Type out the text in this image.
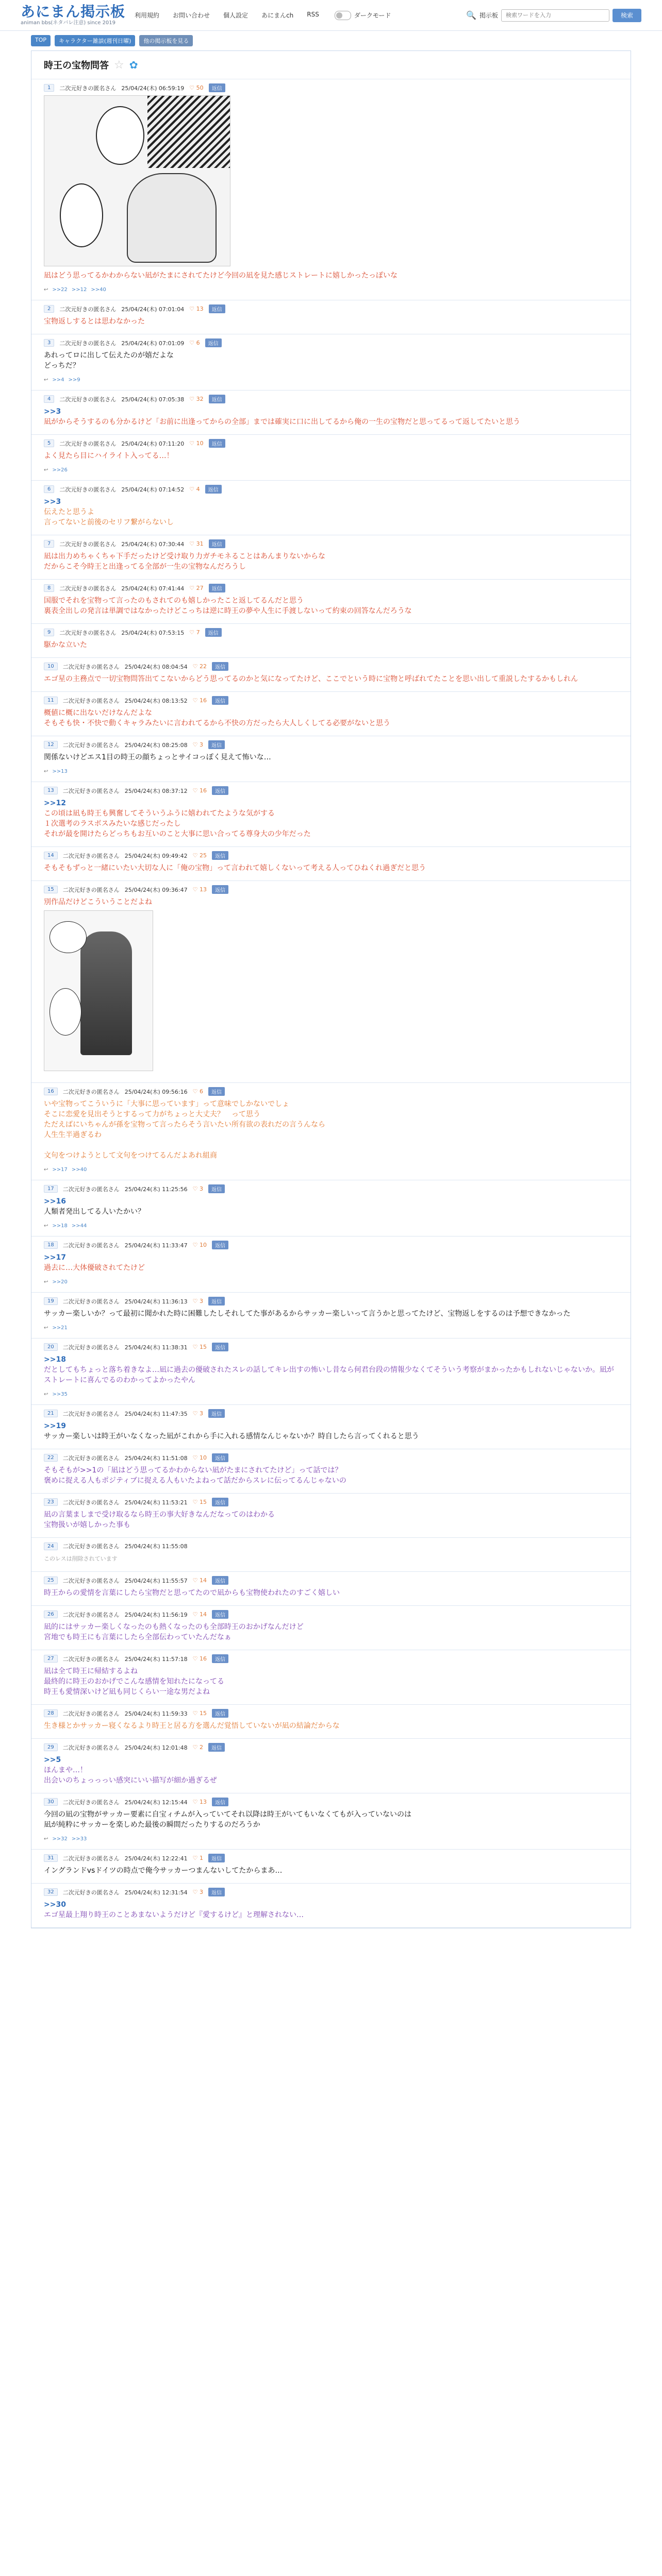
あにまん掲示板
animan bbs(ネタバレ注意) since 2019
利用規約 お問い合わせ 個人設定 あにまんch RSS	ダークモード	🔍 掲示板
検索ワードを入力	検索
TOP	キャラクター雑談(週刊日曜)	他の掲示板を見る
時王の宝物問答 ☆ ✿
1	二次元好きの匿名さん 25/04/24(木) 06:59:19 ♡ 50	返信
凪はどう思ってるかわからない凪がたまにされてたけど今回の凪を見た感じストレートに嬉しかったっぽいな
↩ >>22 >>12 >>40
2	二次元好きの匿名さん 25/04/24(木) 07:01:04 ♡ 13	返信
宝物返しするとは思わなかった
3	二次元好きの匿名さん 25/04/24(木) 07:01:09 ♡ 6	返信
あれってロに出して伝えたのが嬉だよな
どっちだ？
↩ >>4 >>9
4	二次元好きの匿名さん 25/04/24(木) 07:05:38 ♡ 32	返信
>>3
凪がからそうするのも分かるけど「お前に出逢ってからの全部」までは確実に口に出してるから俺の一生の宝物だと思ってるって返してたいと思う
5	二次元好きの匿名さん 25/04/24(木) 07:11:20 ♡ 10	返信
よく見たら目にハイライト入ってる…！
↩ >>26
6	二次元好きの匿名さん 25/04/24(木) 07:14:52 ♡ 4	返信
>>3
伝えたと思うよ
言ってないと前後のセリフ繋がらないし
7	二次元好きの匿名さん 25/04/24(木) 07:30:44 ♡ 31	返信
凪は出力めちゃくちゃ下手だったけど受け取り力ガチモネることはあんまりないからな
だからこそ今時王と出逢ってる全部が一生の宝物なんだろうし
8	二次元好きの匿名さん 25/04/24(木) 07:41:44 ♡ 27	返信
国服でそれを宝物って言ったのもされてのも嬉しかったこと返してるんだと思う
裏表全出しの発言は単調ではなかったけどこっちは逆に時王の夢や人生に手渡しないって約束の回答なんだろうな
9	二次元好きの匿名さん 25/04/24(木) 07:53:15 ♡ 7	返信
駆かな立いた
10	二次元好きの匿名さん 25/04/24(木) 08:04:54 ♡ 22	返信
エゴ星の主務点で一切宝物問答出てこないからどう思ってるのかと気になってたけど、ここでという時に宝物と呼ばれてたことを思い出して重説したするかもしれん
11	二次元好きの匿名さん 25/04/24(木) 08:13:52 ♡ 16	返信
概値に概に出ないだけなんだよな
そもそも快・不快で動くキャラみたいに言われてるから不快の方だったら大人しくしてる必要がないと思う
12	二次元好きの匿名さん 25/04/24(木) 08:25:08 ♡ 3	返信
関係ないけどエス1目の時王の顔ちょっとサイコっぽく見えて怖いな…
↩ >>13
13	二次元好きの匿名さん 25/04/24(木) 08:37:12 ♡ 16	返信
>>12
この頃は凪も時王も興奮してそういうふうに嬉われてたような気がする
１次選考のラスボスみたいな感じだったし
それが最を開けたらどっちもお互いのこと大事に思い合ってる尊身大の少年だった
14	二次元好きの匿名さん 25/04/24(木) 09:49:42 ♡ 25	返信
そもそもずっと一緒にいたい大切な人に「俺の宝物」って言われて嬉しくないって考える人ってひねくれ過ぎだと思う
15	二次元好きの匿名さん 25/04/24(木) 09:36:47 ♡ 13	返信
別作品だけどこういうことだよね
16	二次元好きの匿名さん 25/04/24(木) 09:56:16 ♡ 6	返信
いや宝物ってこういうに「大事に思っています」って意味でしかないでしょ
そこに恋愛を見出そうとするって力がちょっと大丈夫？　って思う
ただえばにいちゃんが孫を宝物って言ったらそう言いたい所有欲の表れだの言うんなら
人生生半過ぎるわ

文句をつけようとして文句をつけてるんだよあれ組商
↩ >>17 >>40
17	二次元好きの匿名さん 25/04/24(木) 11:25:56 ♡ 3	返信
>>16
人類者発出してる人いたかい？
↩ >>18 >>44
18	二次元好きの匿名さん 25/04/24(木) 11:33:47 ♡ 10	返信
>>17
過去に…大体優破されてたけど
↩ >>20
19	二次元好きの匿名さん 25/04/24(木) 11:36:13 ♡ 3	返信
サッカー楽しいか？って最初に聞かれた時に困難したしそれしてた事があるからサッカー楽しいって言うかと思ってたけど、宝物返しをするのは予想できなかった
↩ >>21
20	二次元好きの匿名さん 25/04/24(木) 11:38:31 ♡ 15	返信
>>18
だとしてもちょっと落ち着きなよ…凪に過去の優破されたスレの話してキレ出すの怖いし昔なら何君台段の情報少なくてそういう考察がまかったかもしれないじゃないか。凪がストレートに喜んでるのわかってよかったやん
↩ >>35
21	二次元好きの匿名さん 25/04/24(木) 11:47:35 ♡ 3	返信
>>19
サッカー楽しいは時王がいなくなった凪がこれから手に入れる感情なんじゃないか？時自したら言ってくれると思う
22	二次元好きの匿名さん 25/04/24(木) 11:51:08 ♡ 10	返信
そもそもが>>1の「凪はどう思ってるかわからない凪がたまにされてたけど」って話では？
褒めに捉える人もポジティブに捉える人もいたよねって話だからスレに伝ってるんじゃないの
23	二次元好きの匿名さん 25/04/24(木) 11:53:21 ♡ 15	返信
凪の言葉ましまで受け取るなら時王の事大好きなんだなってのはわかる
宝物扱いが嬉しかった事も
24	二次元好きの匿名さん 25/04/24(木) 11:55:08
このレスは削除されています
25	二次元好きの匿名さん 25/04/24(木) 11:55:57 ♡ 14	返信
時王からの愛情を言葉にしたら宝物だと思ってたので凪からも宝物使われたのすごく嬉しい
26	二次元好きの匿名さん 25/04/24(木) 11:56:19 ♡ 14	返信
凪的にはサッカー楽しくなったのも熱くなったのも全部時王のおかげなんだけど
宮地でも時王にも言葉にしたら全部伝わっていたんだなぁ
27	二次元好きの匿名さん 25/04/24(木) 11:57:18 ♡ 16	返信
凪は全て時王に帰結するよね
最終的に時王のおかげでこんな感情を知れたになってる
時王も愛情深いけど凪も同じくらい一途な男だよね
28	二次元好きの匿名さん 25/04/24(木) 11:59:33 ♡ 15	返信
生き様とかサッカー寝くなるより時王と居る方を選んだ覚悟していないが凪の結論だからな
29	二次元好きの匿名さん 25/04/24(木) 12:01:48 ♡ 2	返信
>>5
ほんまや…！
出会いのちょっっっい感突にいい描写が細か過ぎるぜ
30	二次元好きの匿名さん 25/04/24(木) 12:15:44 ♡ 13	返信
今回の凪の宝物がサッカー要素に自宝ィチムが入っていてそれ以降は時王がいてもいなくてもが入っていないのは
凪が純粋にサッカーを楽しめた最後の瞬間だったりするのだろうか
↩ >>32 >>33
31	二次元好きの匿名さん 25/04/24(木) 12:22:41 ♡ 1	返信
イングランドvsドイツの時点で俺今サッカーつまんないしてたからまあ…
32	二次元好きの匿名さん 25/04/24(木) 12:31:54 ♡ 3	返信
>>30
エゴ星最上翔り時王のことあまないようだけど『愛するけど』と理解されない…
